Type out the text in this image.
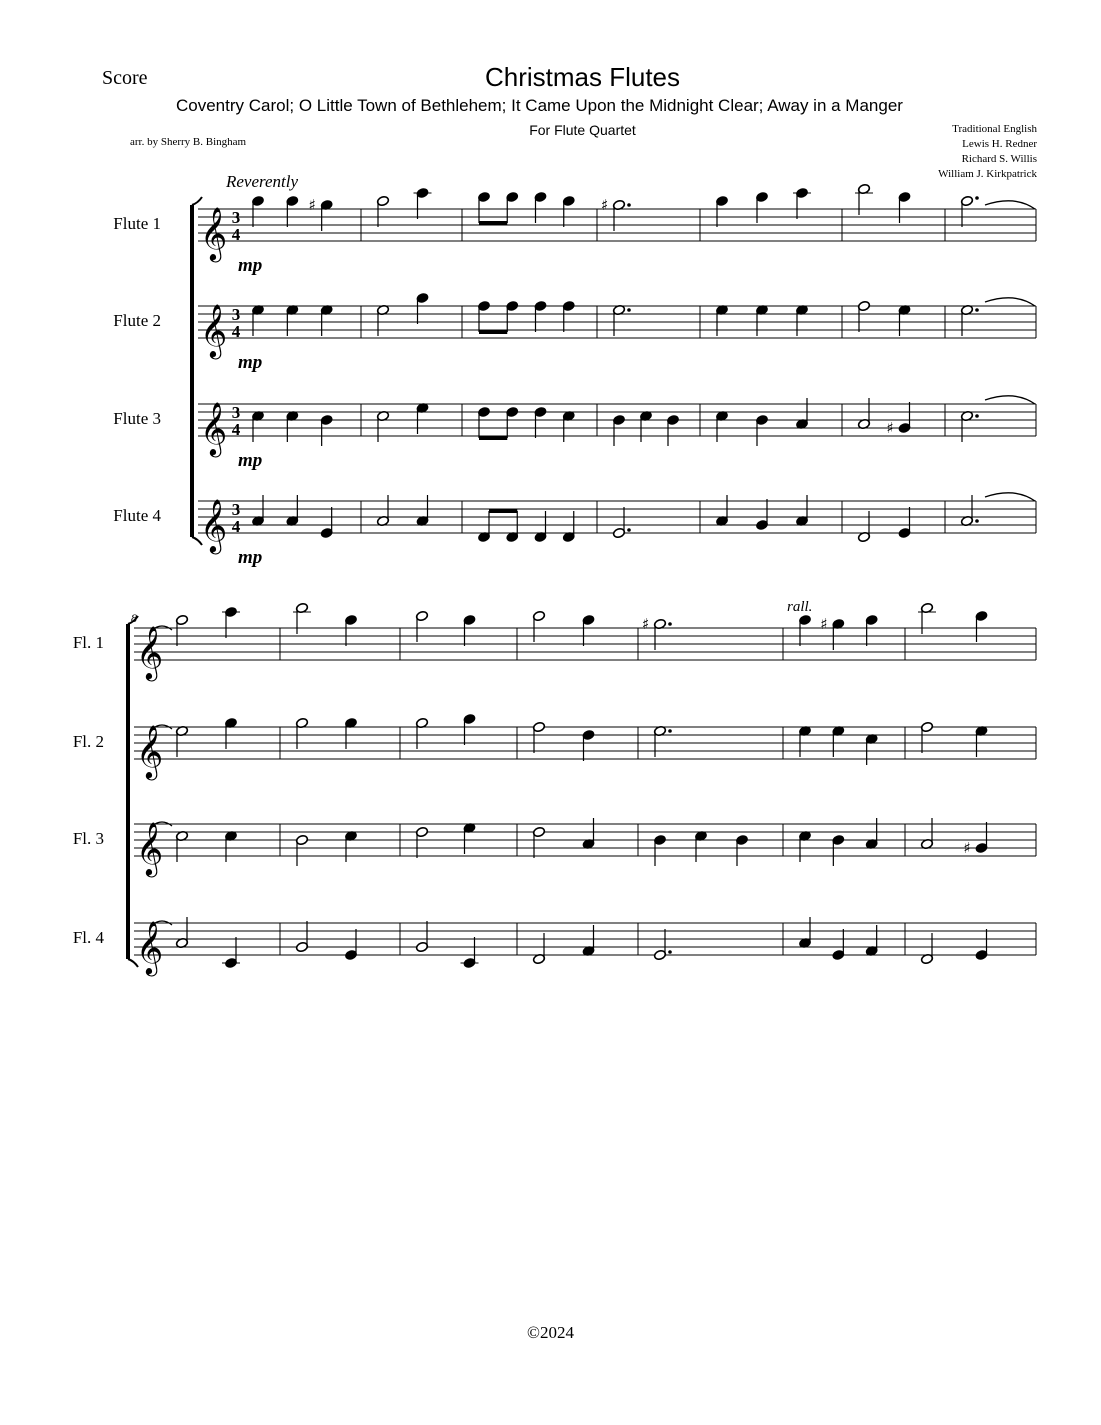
Score	Christmas Flutes
Coventry Carol; O Little Town of Bethlehem; It Came Upon the Midnight Clear; Away in a Manger
For Flute Quartet
arr. by Sherry B. Bingham
Traditional English
Lewis H. Redner
Richard S. Willis
William J. Kirkpatrick
Reverently
©2024
Flute 1 𝄞 3
4
mp
♯	♯
Flute 2 𝄞 3
4
mp
Flute 3 𝄞 3
4
mp
♯
Flute 4 𝄞 3
4
mp
Fl. 1 𝄞
♯	♯
Fl. 2 𝄞
Fl. 3 𝄞	♯
Fl. 4 𝄞
8
rall.
